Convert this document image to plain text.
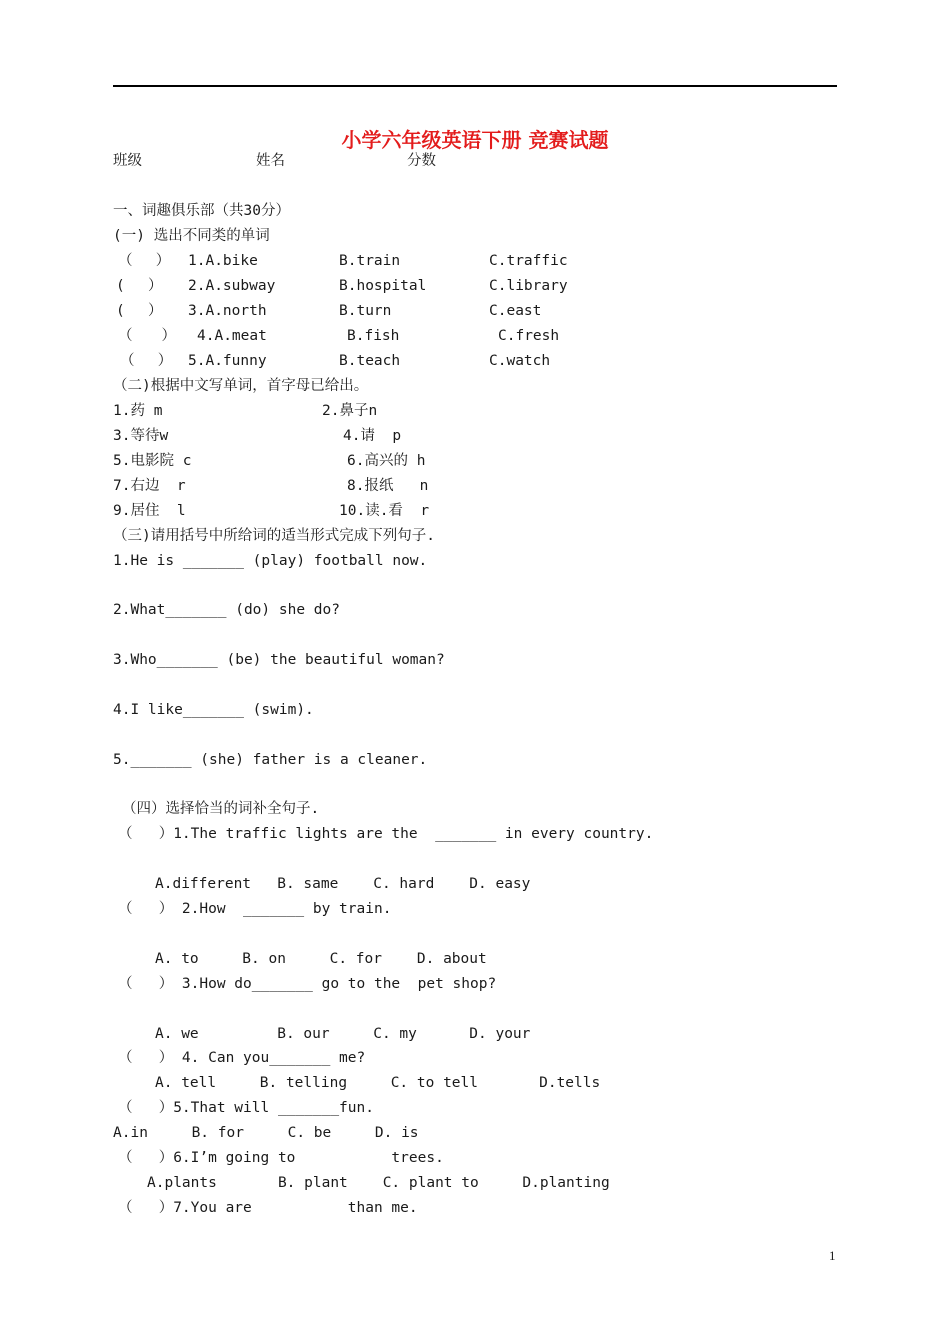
小学六年级英语下册 竞赛试题
班级	姓名	分数
一、词趣俱乐部（共30分）
(一) 选出不同类的单词
（　 ） 1.A.bike	B.train	C.traffic
(　 ） 2.A.subway	B.hospital	C.library
(　 ） 3.A.north	B.turn	C.east
（　　） 4.A.meat	B.fish	C.fresh
（　 ） 5.A.funny	B.teach	C.watch
（二)根据中文写单词，首字母已给出。
1.药 m	2.鼻子n
3.等待w	4.请  p
5.电影院 c	6.高兴的 h
7.右边  r	8.报纸   n
9.居住  l	10.读.看  r
（三)请用括号中所给词的适当形式完成下列句子.
1.He is _______ (play) football now.
2.What_______ (do) she do?
3.Who_______ (be) the beautiful woman?
4.I like_______ (swim).
5._______ (she) father is a cleaner.
（四）选择恰当的词补全句子.
（   ）1.The traffic lights are the  _______ in every country.
A.different   B. same    C. hard    D. easy
（   ） 2.How  _______ by train.
A. to     B. on     C. for    D. about
（   ） 3.How do_______ go to the  pet shop?
A. we         B. our     C. my      D. your
（   ） 4. Can you_______ me?
A. tell     B. telling     C. to tell       D.tells
（   ）5.That will _______fun.
A.in     B. for     C. be     D. is
（   ）6.I’m going to           trees.
A.plants       B. plant    C. plant to     D.planting
（   ）7.You are           than me.
1
